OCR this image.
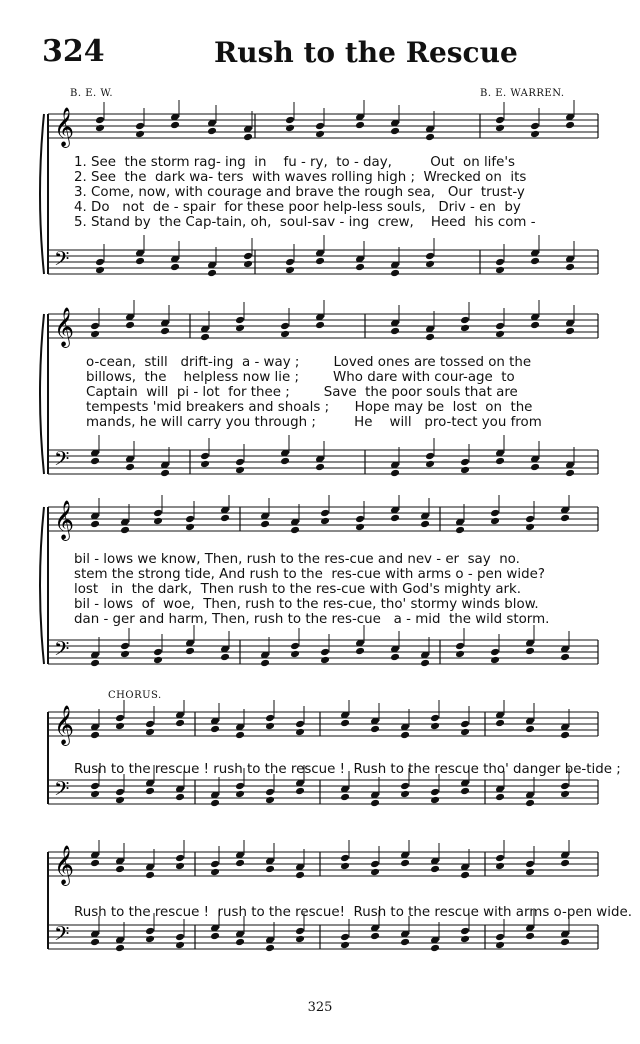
324	Rush to the Rescue
B. E. W.	B. E. WARREN.
𝄞
𝄢
𝄞
𝄢
𝄞
𝄢
𝄞
𝄢
𝄞
𝄢
1. See  the storm rag- ing  in    fu - ry,  to - day,         Out  on life's
2. See  the  dark wa- ters  with waves rolling high ;  Wrecked on  its
3. Come, now, with courage and brave the rough sea,   Our  trust-y
4. Do   not  de - spair  for these poor help-less souls,   Driv - en  by
5. Stand by  the Cap-tain, oh,  soul-sav - ing  crew,    Heed  his com -
o-cean,  still   drift-ing  a - way ;        Loved ones are tossed on the
billows,  the    helpless now lie ;        Who dare with cour-age  to
Captain  will  pi - lot  for thee ;        Save  the poor souls that are
tempests 'mid breakers and shoals ;      Hope may be  lost  on  the
mands, he will carry you through ;         He    will   pro-tect you from
bil - lows we know, Then, rush to the res-cue and nev - er  say  no.
stem the strong tide, And rush to the  res-cue with arms o - pen wide?
lost   in  the dark,  Then rush to the res-cue with God's mighty ark.
bil - lows  of  woe,  Then, rush to the res-cue, tho' stormy winds blow.
dan - ger and harm, Then, rush to the res-cue   a - mid  the wild storm.
CHORUS.
Rush to the rescue ! rush to the rescue !  Rush to the rescue tho' danger be-tide ;
Rush to the rescue !  rush to the rescue!  Rush to the rescue with arms o-pen wide.
325
